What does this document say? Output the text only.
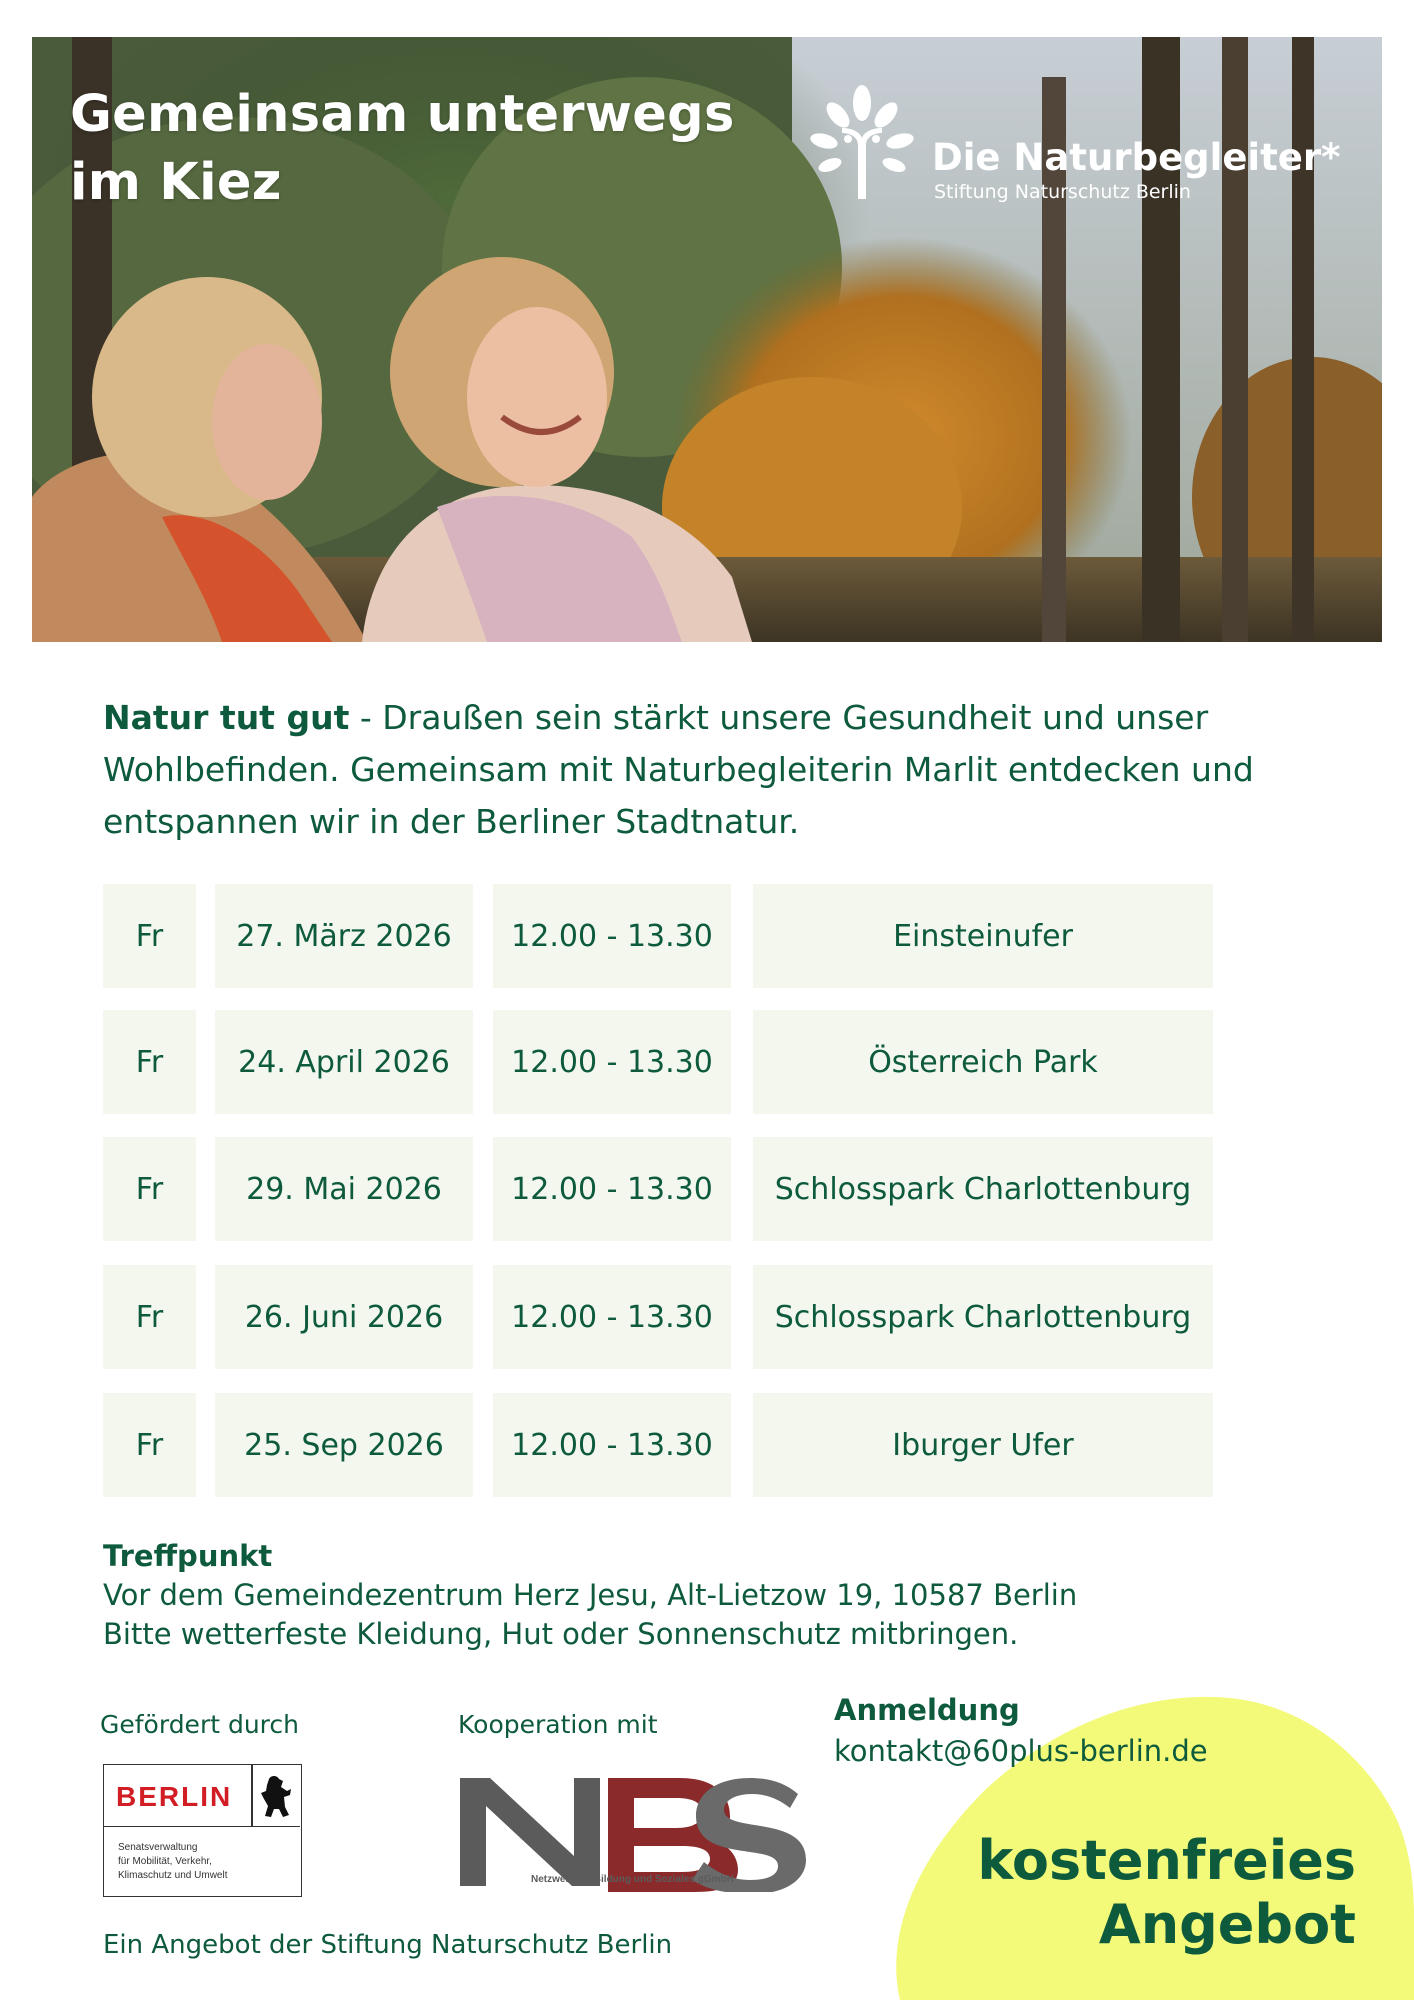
Gemeinsam unterwegs
im Kiez	Die Naturbegleiter*
Stiftung Naturschutz Berlin

Natur tut gut - Draußen sein stärkt unsere Gesundheit und unser Wohlbefinden. Gemeinsam mit Naturbegleiterin Marlit entdecken und entspannen wir in der Berliner Stadtnatur.

Fr	27. März 2026	12.00 - 13.30	Einsteinufer
Fr	24. April 2026	12.00 - 13.30	Österreich Park
Fr	29. Mai 2026	12.00 - 13.30	Schlosspark Charlottenburg
Fr	26. Juni 2026	12.00 - 13.30	Schlosspark Charlottenburg
Fr	25. Sep 2026	12.00 - 13.30	Iburger Ufer
Treffpunkt
Vor dem Gemeindezentrum Herz Jesu, Alt-Lietzow 19, 10587 Berlin
Bitte wetterfeste Kleidung, Hut oder Sonnenschutz mitbringen.
Gefördert durch
BERLIN
Senatsverwaltung
für Mobilität, Verkehr,
Klimaschutz und Umwelt
Kooperation mit
Netzwerk für Bildung und Soziales gGmbH
Ein Angebot der Stiftung Naturschutz Berlin
Anmeldung
kontakt@60plus-berlin.de
kostenfreies
Angebot
